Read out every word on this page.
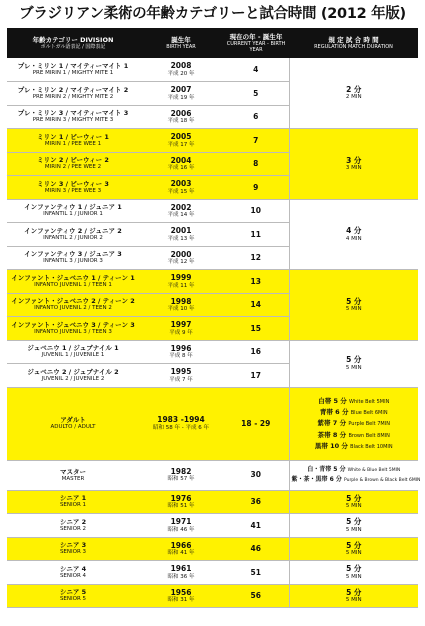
ブラジリアン柔術の年齢カテゴリーと試合時間 (2012 年版)
年齢カテゴリー DIVISION
ポルトガル語表記 / 国際表記	誕生年
BIRTH YEAR	現在の年 - 誕生年
CURRENT YEAR - BIRTH YEAR	規 定 試 合 時 間
REGULATION MATCH DURATION

プレ・ミリン 1 / マイティーマイト 1
PRE MIRIN 1 / MIGHTY MITE 1	2008
平成 20 年	4	2 分
2 MIN

プレ・ミリン 2 / マイティーマイト 2
PRE MIRIN 2 / MIGHTY MITE 2	2007
平成 19 年	5	

プレ・ミリン 3 / マイティーマイト 3
PRE MIRIN 3 / MIGHTY MITE 3	2006
平成 18 年	6	

ミリン 1 / ピーウィー 1
MIRIN 1 / PEE WEE 1	2005
平成 17 年	7	3 分
3 MIN

ミリン 2 / ピーウィー 2
MIRIN 2 / PEE WEE 2	2004
平成 16 年	8	

ミリン 3 / ピーウィー 3
MIRIN 3 / PEE WEE 3	2003
平成 15 年	9	

インファンティウ 1 / ジュニア 1
INFANTIL 1 / JUNIOR 1	2002
平成 14 年	10	4 分
4 MIN

インファンティウ 2 / ジュニア 2
INFANTIL 2 / JUNIOR 2	2001
平成 13 年	11	

インファンティウ 3 / ジュニア 3
INFANTIL 3 / JUNIOR 3	2000
平成 12 年	12	

インファント・ジュベニウ 1 / ティーン 1
INFANTO JUVENIL 1 / TEEN 1	1999
平成 11 年	13	5 分
5 MIN

インファント・ジュベニウ 2 / ティーン 2
INFANTO JUVENIL 2 / TEEN 2	1998
平成 10 年	14	

インファント・ジュベニウ 3 / ティーン 3
INFANTO JUVENIL 3 / TEEN 3	1997
平成 9 年	15	

ジュベニウ 1 / ジュブナイル 1
JUVENIL 1 / JUVENILE 1	1996
平成 8 年	16	5 分
5 MIN

ジュベニウ 2 / ジュブナイル 2
JUVENIL 2 / JUVENILE 2	1995
平成 7 年	17	

アダルト
ADULTO / ADULT	1983 -1994
昭和 58 年 - 平成 6 年	18 - 29	白帯 5 分 White Belt 5MIN
青帯 6 分 Blue Belt 6MIN
紫帯 7 分 Purple Belt 7MIN
茶帯 8 分 Brown Belt 8MIN
黒帯 10 分 Black Belt 10MIN

マスター
MASTER	1982
昭和 57 年	30	白・青帯 5 分 White & Blue Belt 5MIN
紫・茶・黒帯 6 分 Purple & Brown & Black Belt 6MIN

シニア 1
SENIOR 1	1976
昭和 51 年	36	5 分
5 MIN

シニア 2
SENIOR 2	1971
昭和 46 年	41	5 分
5 MIN

シニア 3
SENIOR 3	1966
昭和 41 年	46	5 分
5 MIN

シニア 4
SENIOR 4	1961
昭和 36 年	51	5 分
5 MIN

シニア 5
SENIOR 5	1956
昭和 31 年	56	5 分
5 MIN
